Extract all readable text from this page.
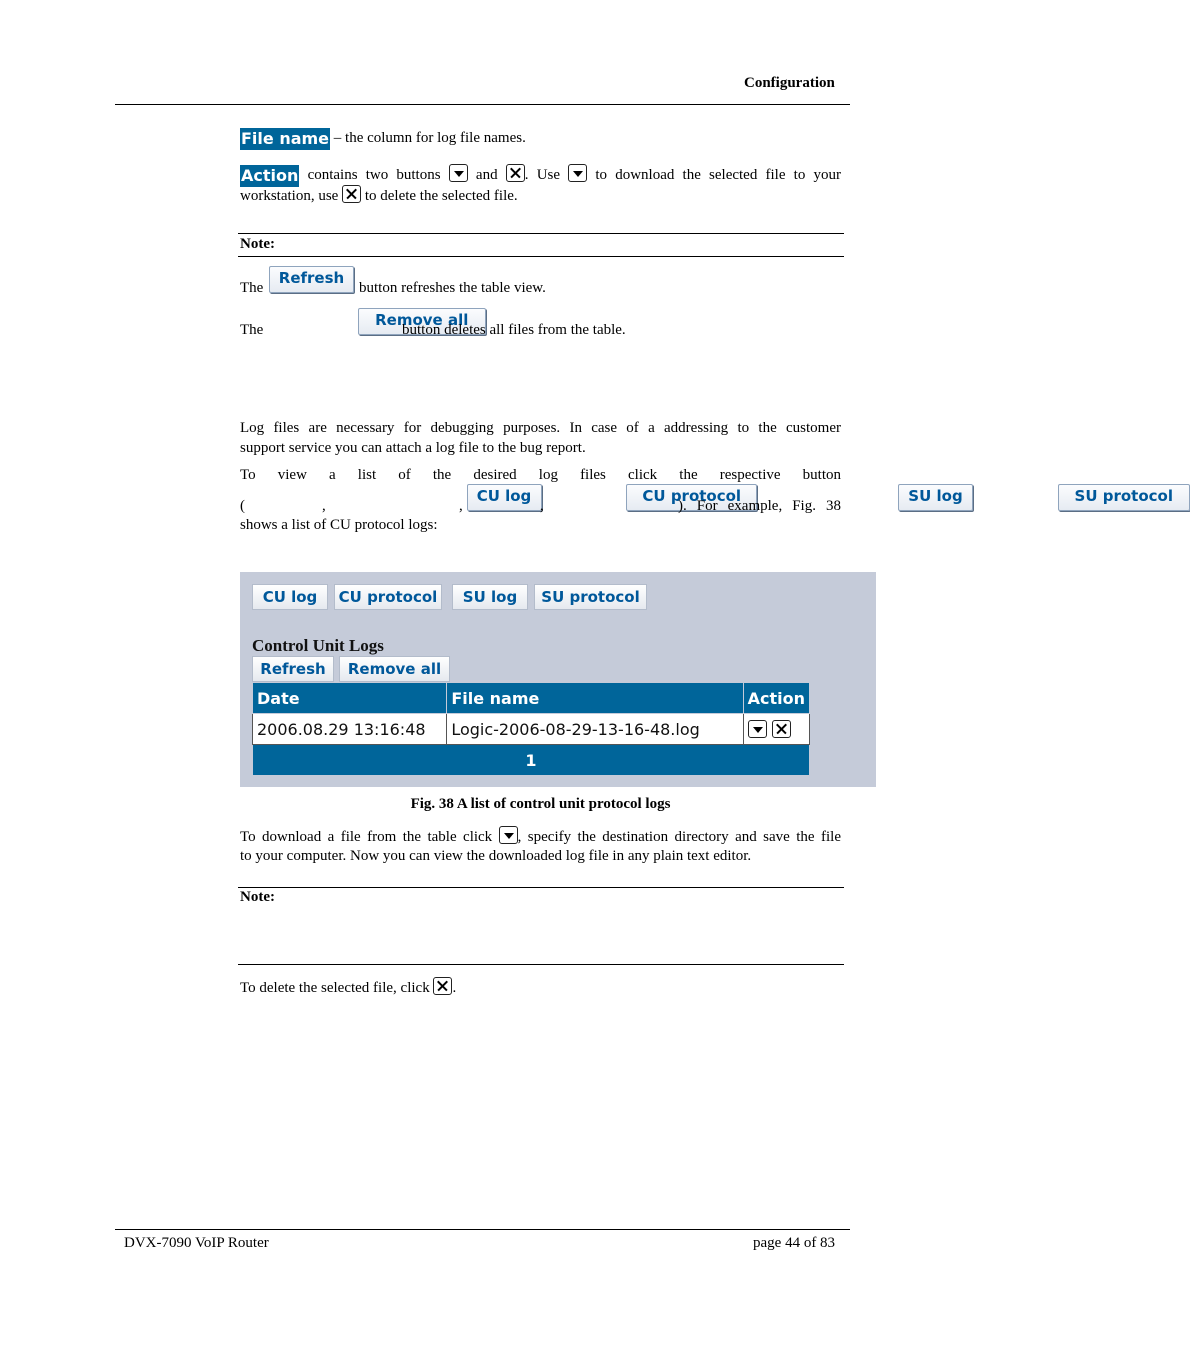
Configuration
File name – the column for log file names.
Action contains two buttons  and . Use  to download the selected file to your
workstation, use  to delete the selected file.
Note:
The
Refresh
button refreshes the table view.
The
Remove all
button deletes all files from the table.
Log files are necessary for debugging purposes. In case of a addressing to the customer
support service you can attach a log file to the bug report.
To view a list of the desired log files click the respective button
(
CU log
,
CU protocol
,
SU log
,
SU protocol
). For example, Fig. 38
shows a list of CU protocol logs:
CU log	CU protocol	SU log	SU protocol
Control Unit Logs
Refresh	Remove all
Date	File name	Action
2006.08.29 13:16:48	Logic-2006-08-29-13-16-48.log	
1		
Fig. 38 A list of control unit protocol logs
To download a file from the table click , specify the destination directory and save the file
to your computer. Now you can view the downloaded log file in any plain text editor.
Note:
To delete the selected file, click .
DVX-7090 VoIP Router	page 44 of 83
